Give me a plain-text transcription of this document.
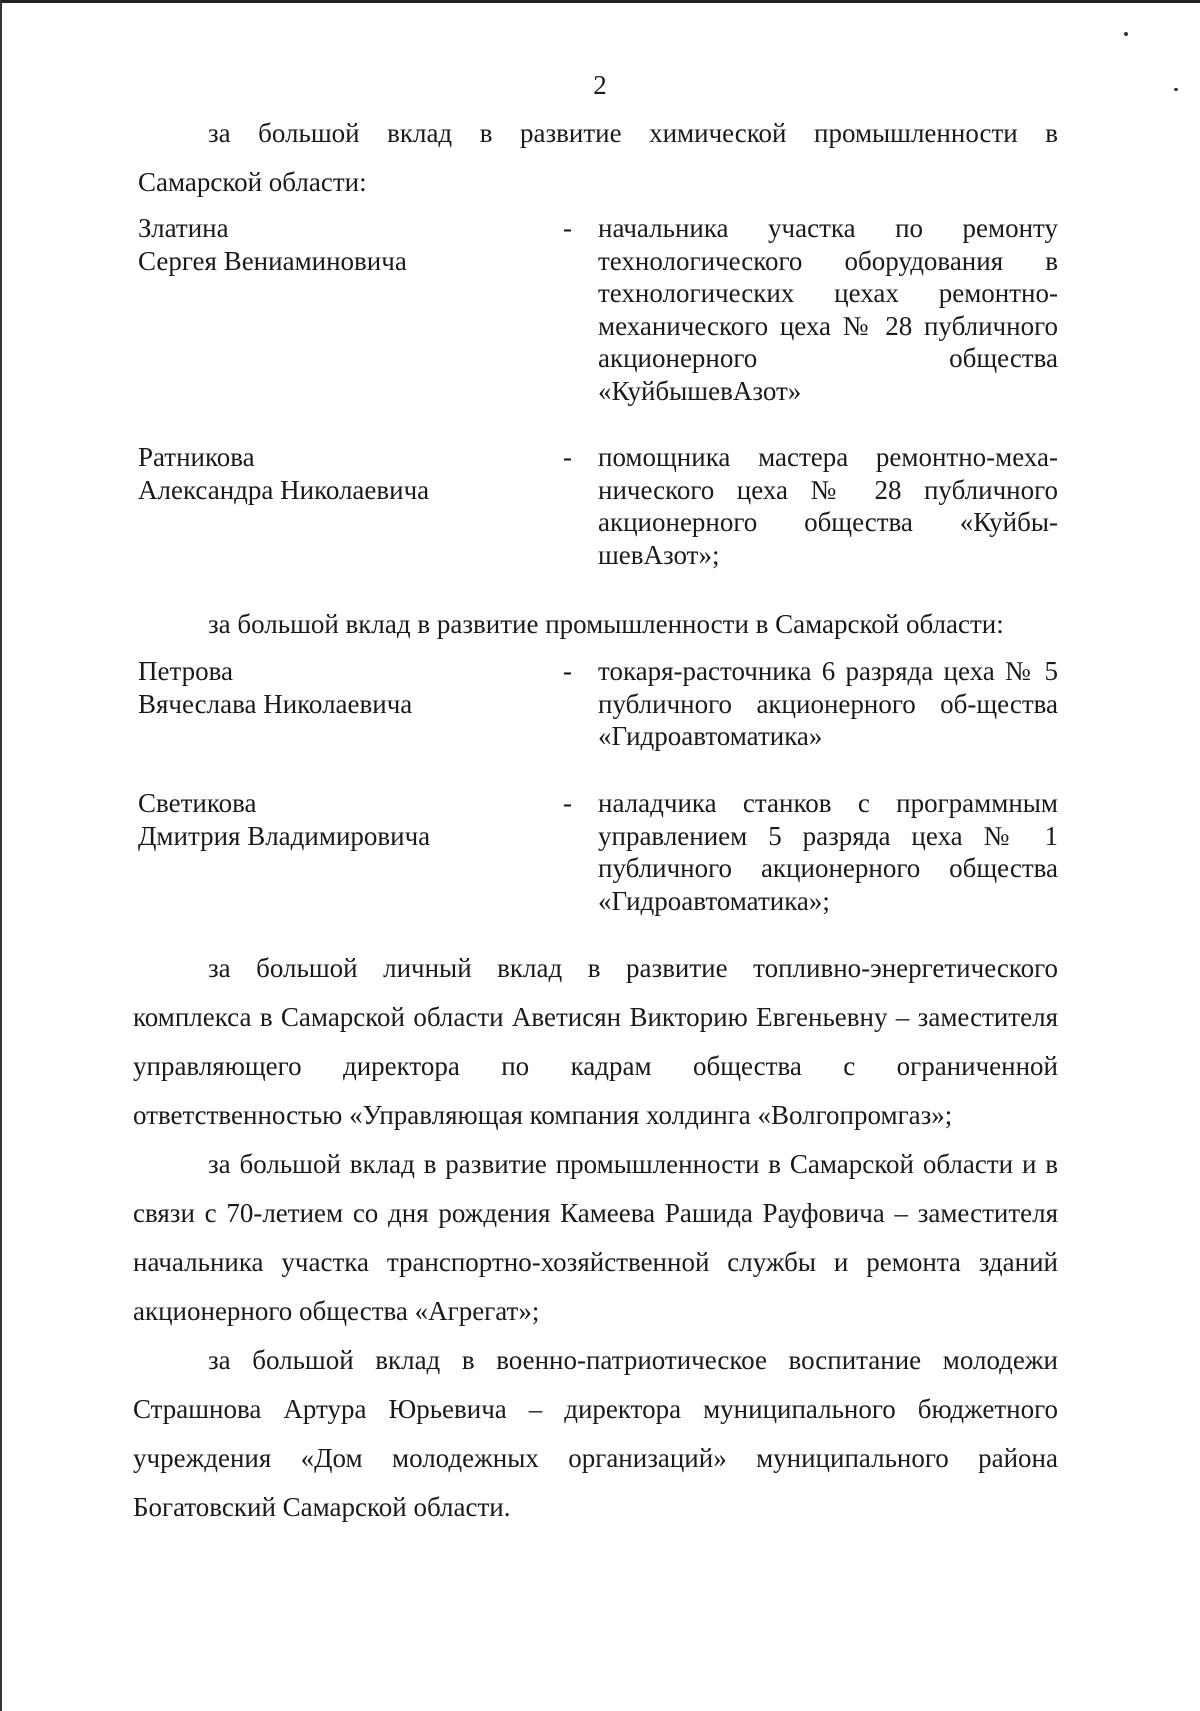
2

за большой вклад в развитие химической промышленности в

Самарской области:
Златина
Сергея Вениаминовича
- начальника участка по ремонту технологического оборудования в технологических цехах ремонтно-механического цеха № 28 публичного акционерного общества «КуйбышевАзот»
Ратникова
Александра Николаевича
- помощника мастера ремонтно-меха-нического цеха № 28 публичного акционерного общества «Куйбы-шевАзот»;
за большой вклад в развитие промышленности в Самарской области:
Петрова
Вячеслава Николаевича
- токаря-расточника 6 разряда цеха № 5 публичного акционерного об-щества «Гидроавтоматика»
Светикова
Дмитрия Владимировича
- наладчика станков с программным управлением 5 разряда цеха № 1 публичного акционерного общества «Гидроавтоматика»;

за большой личный вклад в развитие топливно-энергетического комплекса в Самарской области Аветисян Викторию Евгеньевну – заместителя управляющего директора по кадрам общества с ограниченной ответственностью «Управляющая компания холдинга «Волгопромгаз»;

за большой вклад в развитие промышленности в Самарской области и в связи с 70-летием со дня рождения Камеева Рашида Рауфовича – заместителя начальника участка транспортно-хозяйственной службы и ремонта зданий акционерного общества «Агрегат»;

за большой вклад в военно-патриотическое воспитание молодежи Страшнова Артура Юрьевича – директора муниципального бюджетного учреждения «Дом молодежных организаций» муниципального района Богатовский Самарской области.
